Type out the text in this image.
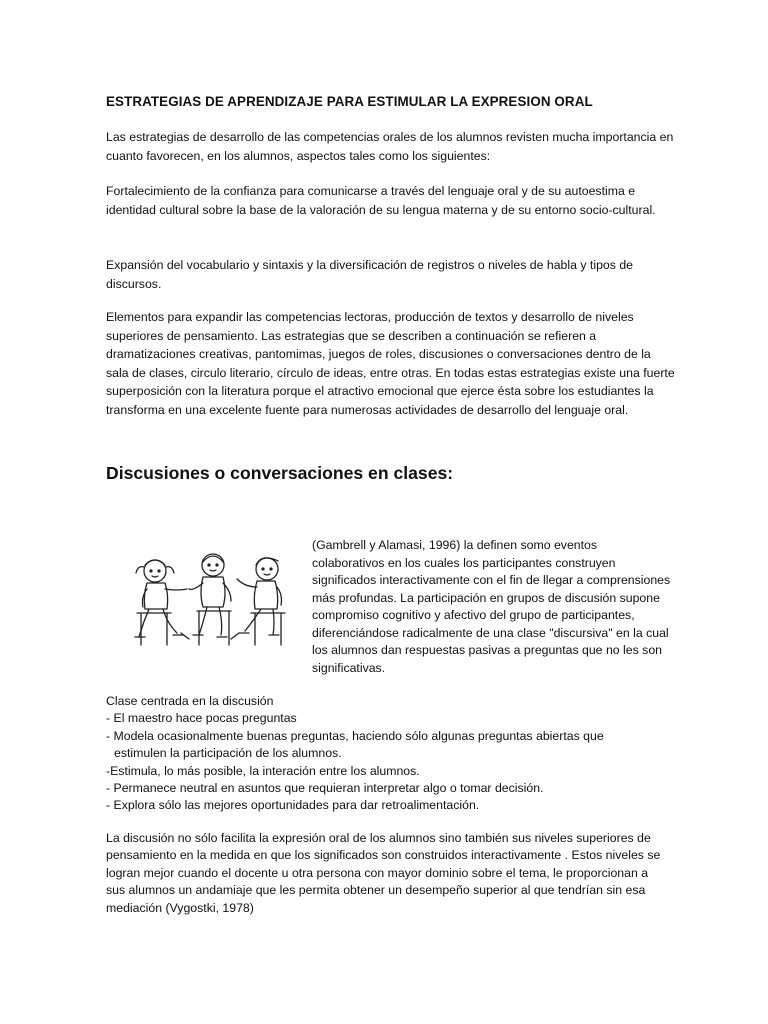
ESTRATEGIAS DE APRENDIZAJE PARA ESTIMULAR LA EXPRESION ORAL

Las estrategias de desarrollo de las competencias orales de los alumnos revisten mucha importancia en cuanto favorecen, en los alumnos, aspectos tales como los siguientes:

Fortalecimiento de la confianza para comunicarse a través del lenguaje oral y de su autoestima e identidad cultural sobre la base de la valoración de su lengua materna y de su entorno socio-cultural.

Expansión del vocabulario y sintaxis y la diversificación de registros o niveles de habla y tipos de discursos.

Elementos para expandir las competencias lectoras, producción de textos y desarrollo de niveles superiores de pensamiento. Las estrategias que se describen a continuación se refieren a dramatizaciones creativas, pantomimas, juegos de roles, discusiones o conversaciones dentro de la sala de clases, circulo literario, círculo de ideas, entre otras. En todas estas estrategias existe una fuerte superposición con la literatura porque el atractivo emocional que ejerce ésta sobre los estudiantes la transforma en una excelente fuente para numerosas actividades de desarrollo del lenguaje oral.

Discusiones o conversaciones en clases:

(Gambrell y Alamasi, 1996) la definen somo eventos colaborativos en los cuales los participantes construyen significados interactivamente con el fin de llegar a comprensiones más profundas. La participación en grupos de discusión supone compromiso cognitivo y afectivo del grupo de participantes, diferenciándose radicalmente de una clase "discursiva" en la cual los alumnos dan respuestas pasivas a preguntas que no les son significativas.

Clase centrada en la discusión
- El maestro hace pocas preguntas
- Modela ocasionalmente buenas preguntas, haciendo sólo algunas preguntas abiertas que
estimulen la participación de los alumnos.
-Estimula, lo más posible, la interación entre los alumnos.
- Permanece neutral en asuntos que requieran interpretar algo o tomar decisión.
- Explora sólo las mejores oportunidades para dar retroalimentación.

La discusión no sólo facilita la expresión oral de los alumnos sino también sus niveles superiores de pensamiento en la medida en que los significados son construidos interactivamente . Estos niveles se logran mejor cuando el docente u otra persona con mayor dominio sobre el tema, le proporcionan a sus alumnos un andamiaje que les permita obtener un desempeño superior al que tendrían sin esa mediación (Vygostki, 1978)
